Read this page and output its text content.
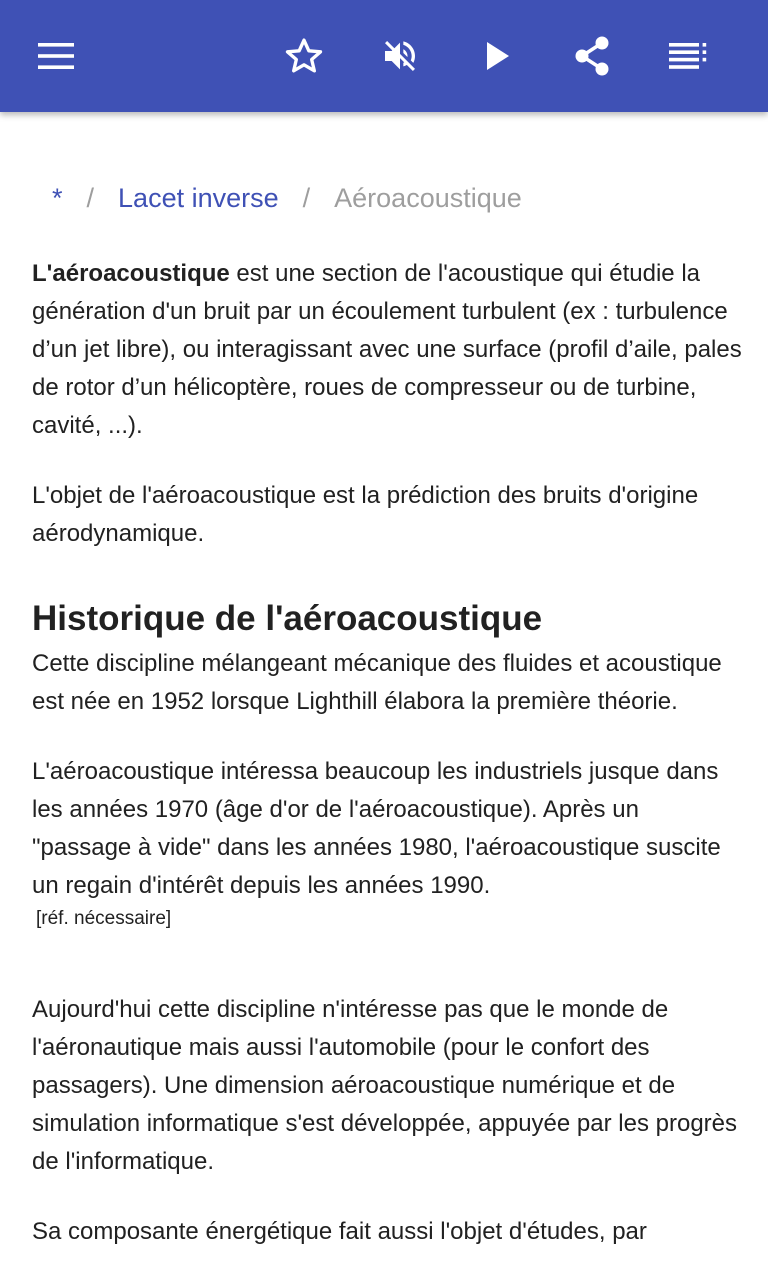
* / Lacet inverse / Aéroacoustique

L'aéroacoustique est une section de l'acoustique qui étudie la génération d'un bruit par un écoulement turbulent (ex : turbulence d’un jet libre), ou interagissant avec une surface (profil d’aile, pales de rotor d’un hélicoptère, roues de compresseur ou de turbine, cavité, ...).

L'objet de l'aéroacoustique est la prédiction des bruits d'origine aérodynamique.

Historique de l'aéroacoustique

Cette discipline mélangeant mécanique des fluides et acoustique est née en 1952 lorsque Lighthill élabora la première théorie.

L'aéroacoustique intéressa beaucoup les industriels jusque dans les années 1970 (âge d'or de l'aéroacoustique). Après un "passage à vide" dans les années 1980, l'aéroacoustique suscite un regain d'intérêt depuis les années 1990.

[réf. nécessaire]

Aujourd'hui cette discipline n'intéresse pas que le monde de l'aéronautique mais aussi l'automobile (pour le confort des passagers). Une dimension aéroacoustique numérique et de simulation informatique s'est développée, appuyée par les progrès de l'informatique.

Sa composante énergétique fait aussi l'objet d'études, par
